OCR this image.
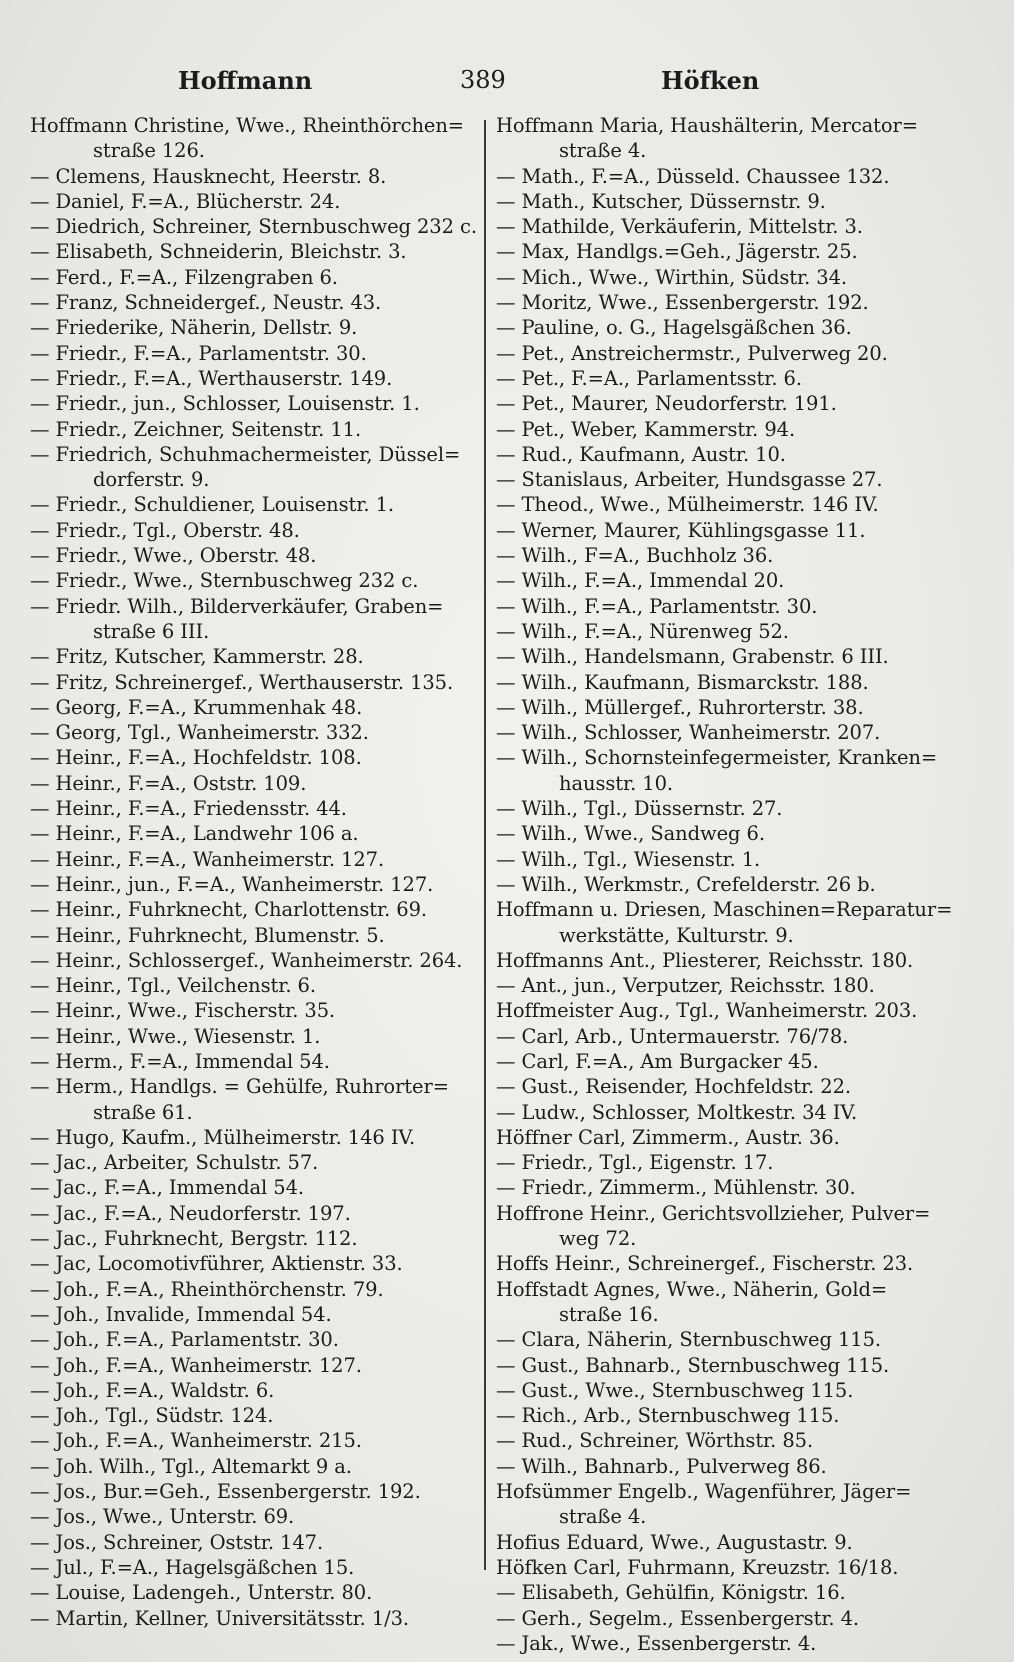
Hoffmann	389	Höfken
Hoffmann Christine, Wwe., Rheinthörchen=
straße 126.
— Clemens, Hausknecht, Heerstr. 8.
— Daniel, F.=A., Blücherstr. 24.
— Diedrich, Schreiner, Sternbuschweg 232 c.
— Elisabeth, Schneiderin, Bleichstr. 3.
— Ferd., F.=A., Filzengraben 6.
— Franz, Schneidergef., Neustr. 43.
— Friederike, Näherin, Dellstr. 9.
— Friedr., F.=A., Parlamentstr. 30.
— Friedr., F.=A., Werthauserstr. 149.
— Friedr., jun., Schlosser, Louisenstr. 1.
— Friedr., Zeichner, Seitenstr. 11.
— Friedrich, Schuhmachermeister, Düssel=
dorferstr. 9.
— Friedr., Schuldiener, Louisenstr. 1.
— Friedr., Tgl., Oberstr. 48.
— Friedr., Wwe., Oberstr. 48.
— Friedr., Wwe., Sternbuschweg 232 c.
— Friedr. Wilh., Bilderverkäufer, Graben=
straße 6 III.
— Fritz, Kutscher, Kammerstr. 28.
— Fritz, Schreinergef., Werthauserstr. 135.
— Georg, F.=A., Krummenhak 48.
— Georg, Tgl., Wanheimerstr. 332.
— Heinr., F.=A., Hochfeldstr. 108.
— Heinr., F.=A., Oststr. 109.
— Heinr., F.=A., Friedensstr. 44.
— Heinr., F.=A., Landwehr 106 a.
— Heinr., F.=A., Wanheimerstr. 127.
— Heinr., jun., F.=A., Wanheimerstr. 127.
— Heinr., Fuhrknecht, Charlottenstr. 69.
— Heinr., Fuhrknecht, Blumenstr. 5.
— Heinr., Schlossergef., Wanheimerstr. 264.
— Heinr., Tgl., Veilchenstr. 6.
— Heinr., Wwe., Fischerstr. 35.
— Heinr., Wwe., Wiesenstr. 1.
— Herm., F.=A., Immendal 54.
— Herm., Handlgs. = Gehülfe, Ruhrorter=
straße 61.
— Hugo, Kaufm., Mülheimerstr. 146 IV.
— Jac., Arbeiter, Schulstr. 57.
— Jac., F.=A., Immendal 54.
— Jac., F.=A., Neudorferstr. 197.
— Jac., Fuhrknecht, Bergstr. 112.
— Jac, Locomotivführer, Aktienstr. 33.
— Joh., F.=A., Rheinthörchenstr. 79.
— Joh., Invalide, Immendal 54.
— Joh., F.=A., Parlamentstr. 30.
— Joh., F.=A., Wanheimerstr. 127.
— Joh., F.=A., Waldstr. 6.
— Joh., Tgl., Südstr. 124.
— Joh., F.=A., Wanheimerstr. 215.
— Joh. Wilh., Tgl., Altemarkt 9 a.
— Jos., Bur.=Geh., Essenbergerstr. 192.
— Jos., Wwe., Unterstr. 69.
— Jos., Schreiner, Oststr. 147.
— Jul., F.=A., Hagelsgäßchen 15.
— Louise, Ladengeh., Unterstr. 80.
— Martin, Kellner, Universitätsstr. 1/3.
Hoffmann Maria, Haushälterin, Mercator=
straße 4.
— Math., F.=A., Düsseld. Chaussee 132.
— Math., Kutscher, Düssernstr. 9.
— Mathilde, Verkäuferin, Mittelstr. 3.
— Max, Handlgs.=Geh., Jägerstr. 25.
— Mich., Wwe., Wirthin, Südstr. 34.
— Moritz, Wwe., Essenbergerstr. 192.
— Pauline, o. G., Hagelsgäßchen 36.
— Pet., Anstreichermstr., Pulverweg 20.
— Pet., F.=A., Parlamentsstr. 6.
— Pet., Maurer, Neudorferstr. 191.
— Pet., Weber, Kammerstr. 94.
— Rud., Kaufmann, Austr. 10.
— Stanislaus, Arbeiter, Hundsgasse 27.
— Theod., Wwe., Mülheimerstr. 146 IV.
— Werner, Maurer, Kühlingsgasse 11.
— Wilh., F=A., Buchholz 36.
— Wilh., F.=A., Immendal 20.
— Wilh., F.=A., Parlamentstr. 30.
— Wilh., F.=A., Nürenweg 52.
— Wilh., Handelsmann, Grabenstr. 6 III.
— Wilh., Kaufmann, Bismarckstr. 188.
— Wilh., Müllergef., Ruhrorterstr. 38.
— Wilh., Schlosser, Wanheimerstr. 207.
— Wilh., Schornsteinfegermeister, Kranken=
hausstr. 10.
— Wilh., Tgl., Düssernstr. 27.
— Wilh., Wwe., Sandweg 6.
— Wilh., Tgl., Wiesenstr. 1.
— Wilh., Werkmstr., Crefelderstr. 26 b.
Hoffmann u. Driesen, Maschinen=Reparatur=
werkstätte, Kulturstr. 9.
Hoffmanns Ant., Pliesterer, Reichsstr. 180.
— Ant., jun., Verputzer, Reichsstr. 180.
Hoffmeister Aug., Tgl., Wanheimerstr. 203.
— Carl, Arb., Untermauerstr. 76/78.
— Carl, F.=A., Am Burgacker 45.
— Gust., Reisender, Hochfeldstr. 22.
— Ludw., Schlosser, Moltkestr. 34 IV.
Höffner Carl, Zimmerm., Austr. 36.
— Friedr., Tgl., Eigenstr. 17.
— Friedr., Zimmerm., Mühlenstr. 30.
Hoffrone Heinr., Gerichtsvollzieher, Pulver=
weg 72.
Hoffs Heinr., Schreinergef., Fischerstr. 23.
Hoffstadt Agnes, Wwe., Näherin, Gold=
straße 16.
— Clara, Näherin, Sternbuschweg 115.
— Gust., Bahnarb., Sternbuschweg 115.
— Gust., Wwe., Sternbuschweg 115.
— Rich., Arb., Sternbuschweg 115.
— Rud., Schreiner, Wörthstr. 85.
— Wilh., Bahnarb., Pulverweg 86.
Hofsümmer Engelb., Wagenführer, Jäger=
straße 4.
Hofius Eduard, Wwe., Augustastr. 9.
Höfken Carl, Fuhrmann, Kreuzstr. 16/18.
— Elisabeth, Gehülfin, Königstr. 16.
— Gerh., Segelm., Essenbergerstr. 4.
— Jak., Wwe., Essenbergerstr. 4.
